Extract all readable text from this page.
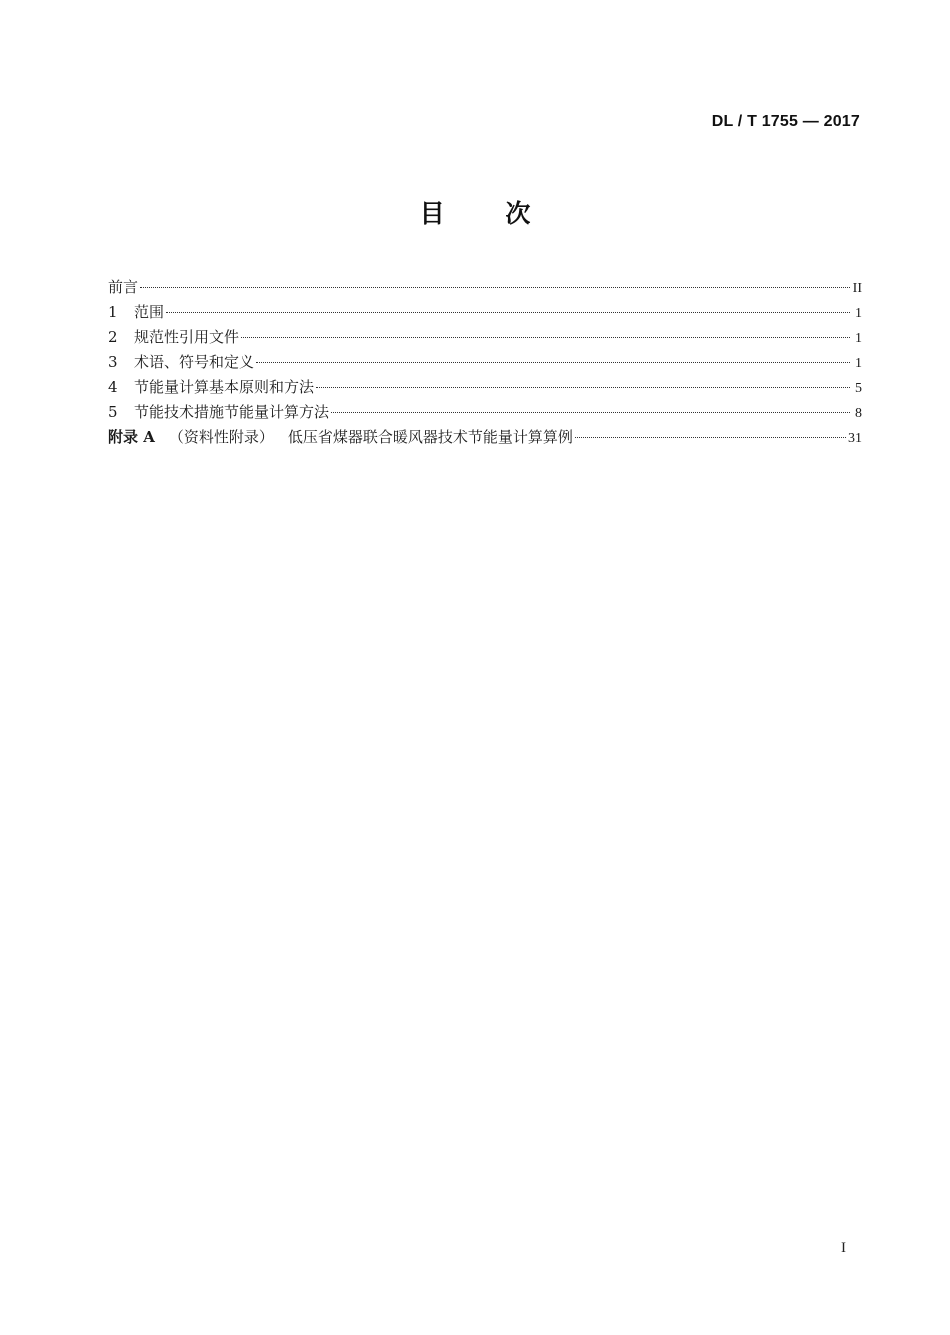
DL / T 1755 — 2017
目 次
前言	II
1	范围	1
2	规范性引用文件	1
3	术语、符号和定义	1
4	节能量计算基本原则和方法	5
5	节能技术措施节能量计算方法	8
附录 A （资料性附录） 低压省煤器联合暖风器技术节能量计算算例	31
I
